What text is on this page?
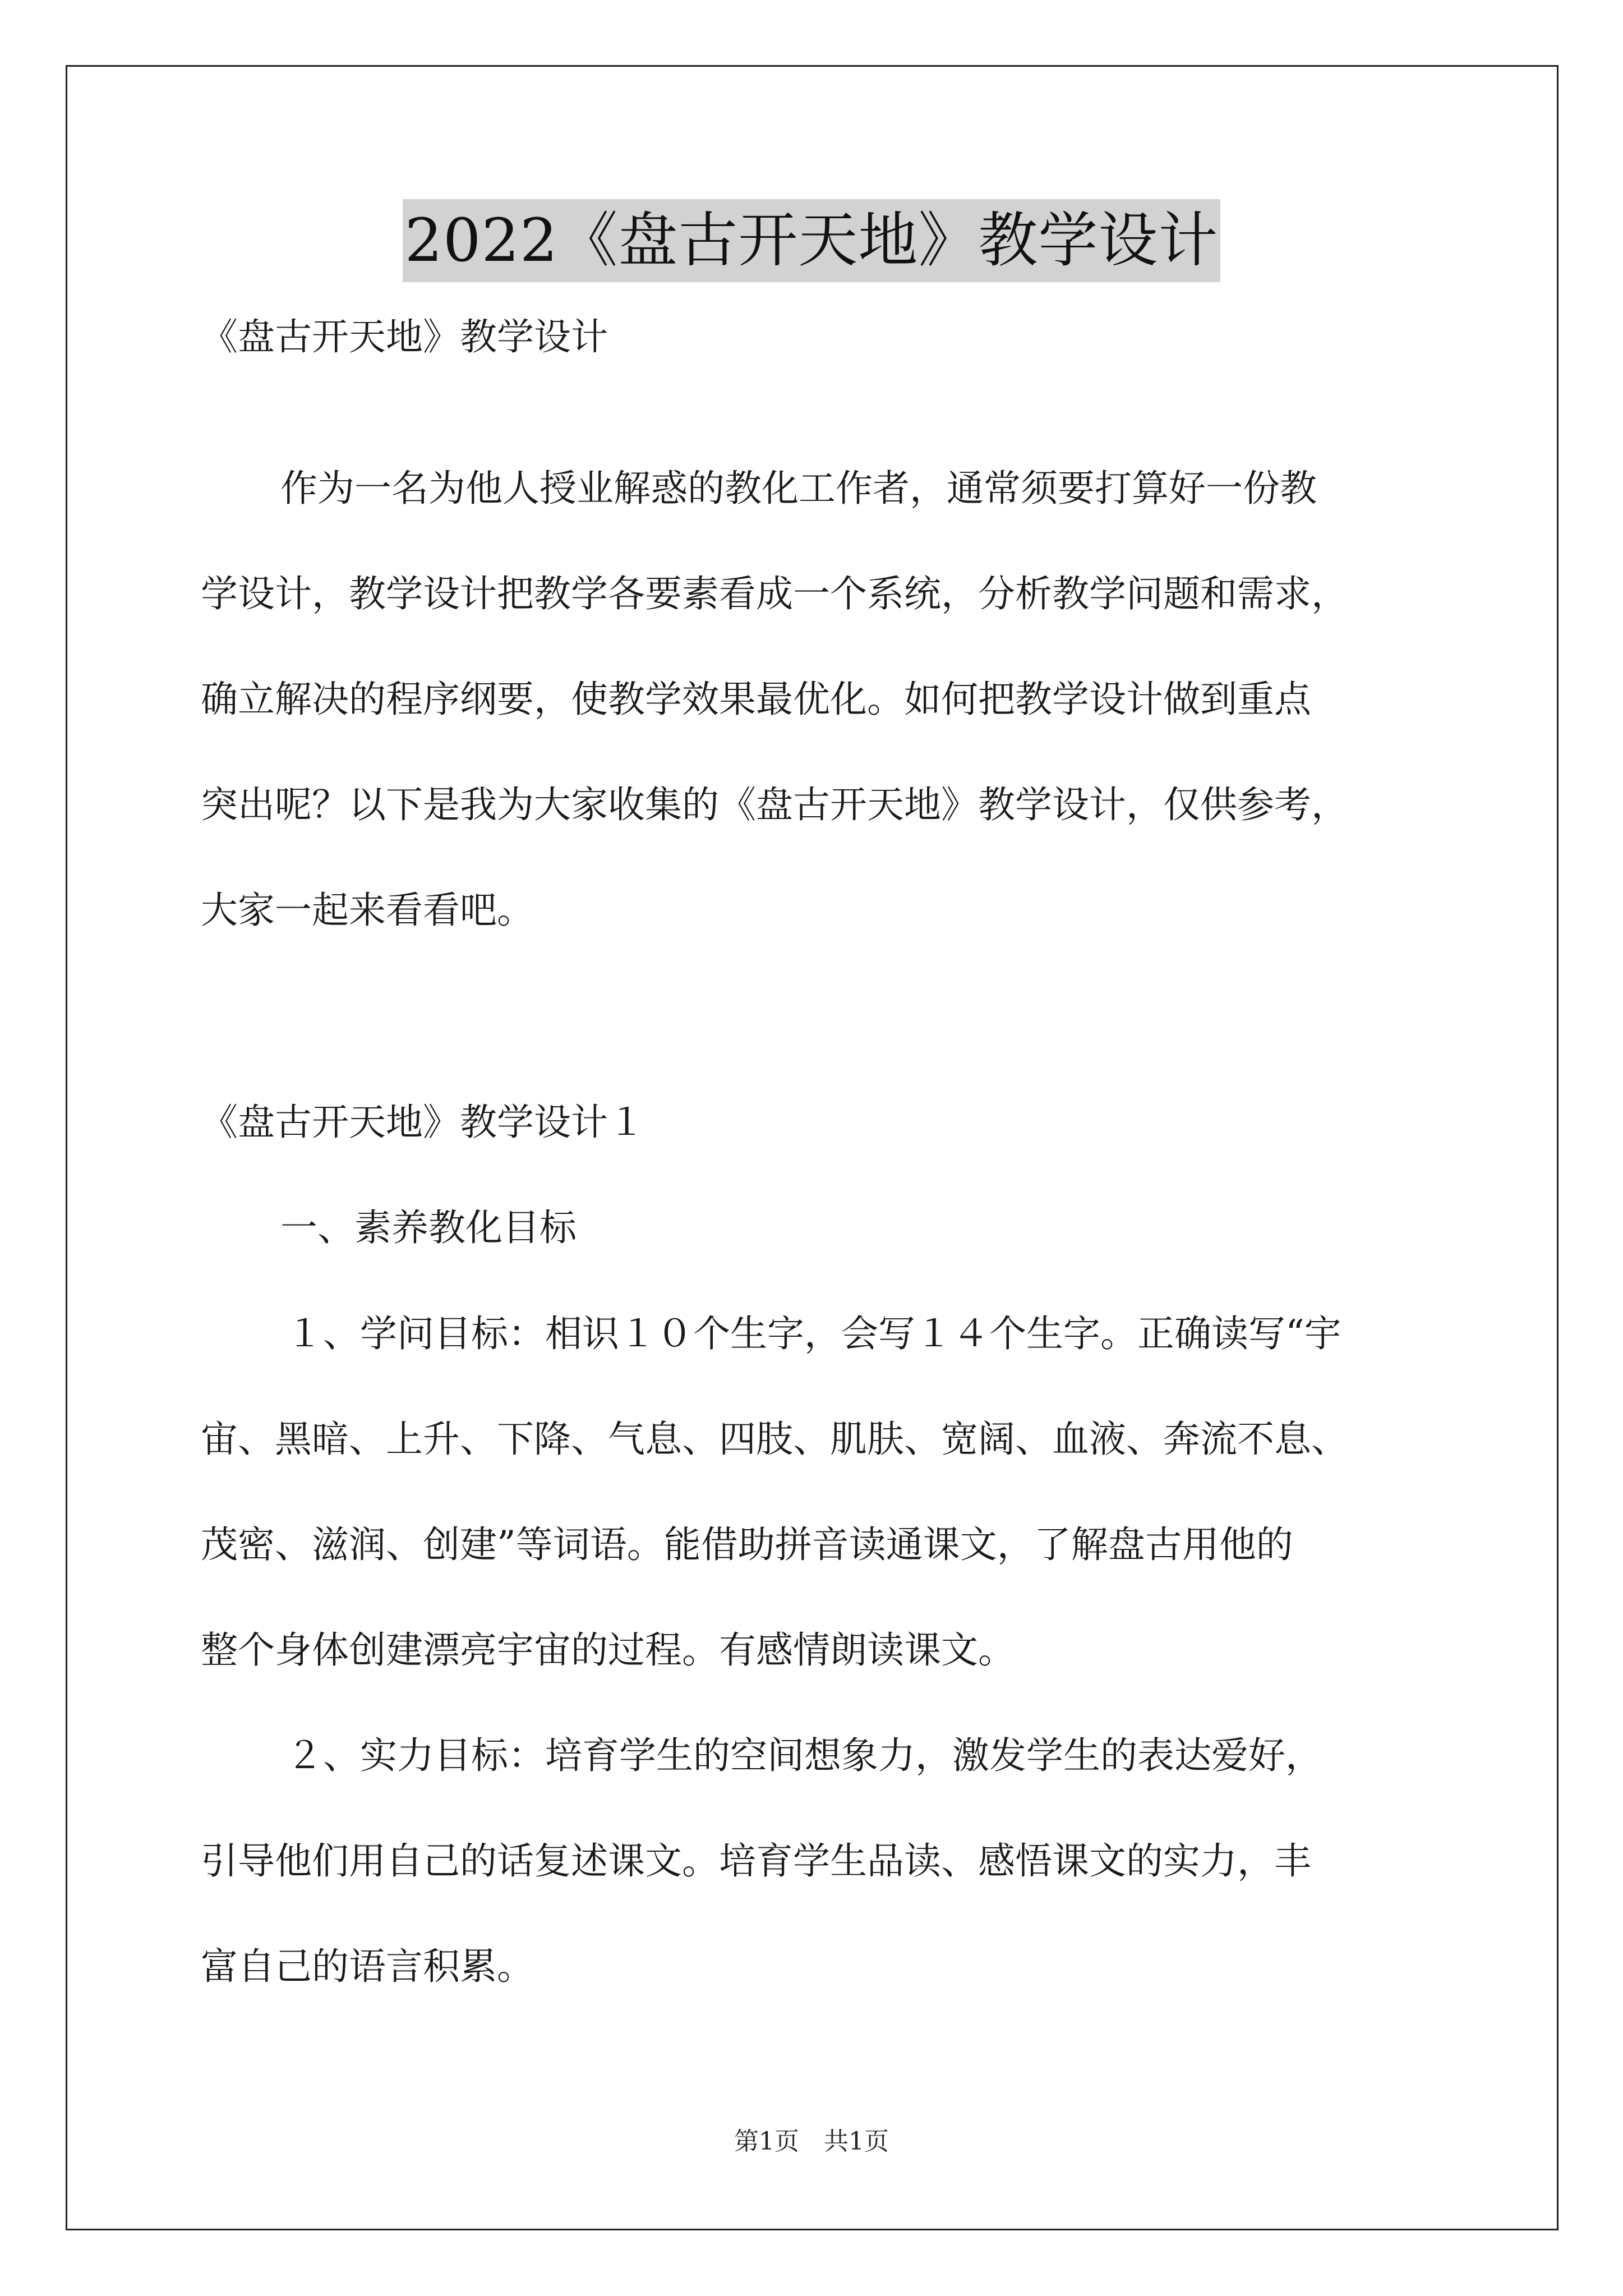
2022《盘古开天地》教学设计
《盘古开天地》教学设计
作为一名为他人授业解惑的教化工作者，通常须要打算好一份教
学设计，教学设计把教学各要素看成一个系统，分析教学问题和需求，
确立解决的程序纲要，使教学效果最优化。如何把教学设计做到重点
突出呢？以下是我为大家收集的《盘古开天地》教学设计，仅供参考，
大家一起来看看吧。
《盘古开天地》教学设计１
一、素养教化目标
１、学问目标：相识１０个生字，会写１４个生字。正确读写“宇
宙、黑暗、上升、下降、气息、四肢、肌肤、宽阔、血液、奔流不息、
茂密、滋润、创建”等词语。能借助拼音读通课文，了解盘古用他的
整个身体创建漂亮宇宙的过程。有感情朗读课文。
２、实力目标：培育学生的空间想象力，激发学生的表达爱好，
引导他们用自己的话复述课文。培育学生品读、感悟课文的实力，丰
富自己的语言积累。
第1页　共1页
